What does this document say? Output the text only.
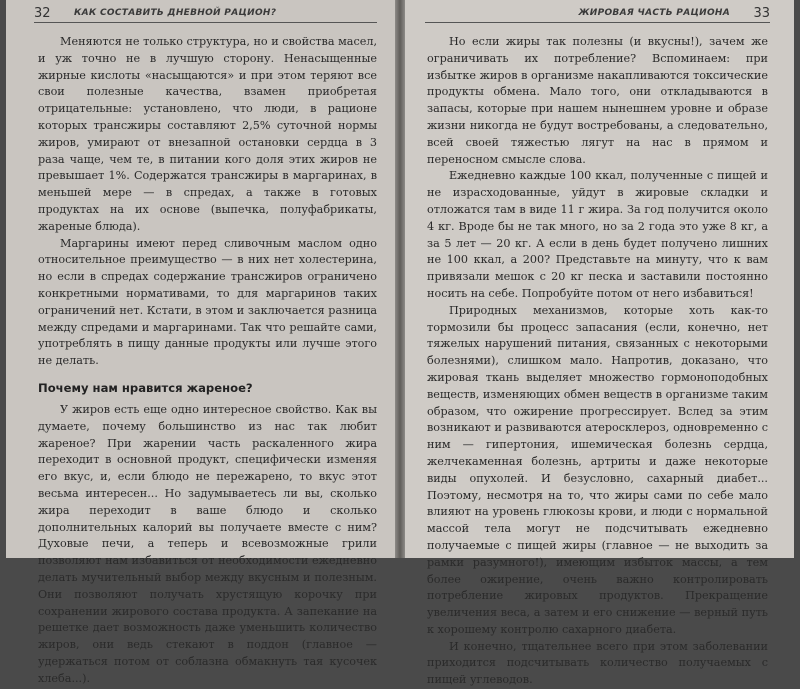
32	КАК СОСТАВИТЬ ДНЕВНОЙ РАЦИОН?

Меняются не только структура, но и свойства масел, и уж точно не в лучшую сторону. Ненасыщенные жирные кислоты «насыщаются» и при этом теряют все свои полезные качества, взамен приобретая отрицательные: установлено, что люди, в рационе которых трансжиры составляют 2,5% суточной нормы жиров, умирают от внезапной остановки сердца в 3 раза чаще, чем те, в питании кого доля этих жиров не превышает 1%. Содержатся трансжиры в маргаринах, в меньшей мере — в спредах, а также в готовых продуктах на их основе (выпечка, полуфабрикаты, жареные блюда).

Маргарины имеют перед сливочным маслом одно относительное преимущество — в них нет холестерина, но если в спредах содержание трансжиров ограничено конкретными нормативами, то для маргаринов таких ограничений нет. Кстати, в этом и заключается разница между спредами и маргаринами. Так что решайте сами, употреблять в пищу данные продукты или лучше этого не делать.

Почему нам нравится жареное?

У жиров есть еще одно интересное свойство. Как вы думаете, почему большинство из нас так любит жареное? При жарении часть раскаленного жира переходит в основной продукт, специфически изменяя его вкус, и, если блюдо не пережарено, то вкус этот весьма интересен... Но задумываетесь ли вы, сколько жира переходит в ваше блюдо и сколько дополнительных калорий вы получаете вместе с ним? Духовые печи, а теперь и всевозможные грили позволяют нам избавиться от необходимости ежедневно делать мучительный выбор между вкусным и полезным. Они позволяют получать хрустящую корочку при сохранении жирового состава продукта. А запекание на решетке дает возможность даже уменьшить количество жиров, они ведь стекают в поддон (главное — удержаться потом от соблазна обмакнуть тая кусочек хлеба...).

ЖИРОВАЯ ЧАСТЬ РАЦИОНА 33

Но если жиры так полезны (и вкусны!), зачем же ограничивать их потребление? Вспоминаем: при избытке жиров в организме накапливаются токсические продукты обмена. Мало того, они откладываются в запасы, которые при нашем нынешнем уровне и образе жизни никогда не будут востребованы, а следовательно, всей своей тяжестью лягут на нас в прямом и переносном смысле слова.

Ежедневно каждые 100 ккал, полученные с пищей и не израсходованные, уйдут в жировые складки и отложатся там в виде 11 г жира. За год получится около 4 кг. Вроде бы не так много, но за 2 года это уже 8 кг, а за 5 лет — 20 кг. А если в день будет получено лишних не 100 ккал, а 200? Представьте на минуту, что к вам привязали мешок с 20 кг песка и заставили постоянно носить на себе. Попробуйте потом от него избавиться!

Природных механизмов, которые хоть как-то тормозили бы процесс запасания (если, конечно, нет тяжелых нарушений питания, связанных с некоторыми болезнями), слишком мало. Напротив, доказано, что жировая ткань выделяет множество гормоноподобных веществ, изменяющих обмен веществ в организме таким образом, что ожирение прогрессирует. Вслед за этим возникают и развиваются атеросклероз, одновременно с ним — гипертония, ишемическая болезнь сердца, желчекаменная болезнь, артриты и даже некоторые виды опухолей. И безусловно, сахарный диабет... Поэтому, несмотря на то, что жиры сами по себе мало влияют на уровень глюкозы крови, и люди с нормальной массой тела могут не подсчитывать ежедневно получаемые с пищей жиры (главное — не выходить за рамки разумного!), имеющим избыток массы, а тем более ожирение, очень важно контролировать потребление жировых продуктов. Прекращение увеличения веса, а затем и его снижение — верный путь к хорошему контролю сахарного диабета.

И конечно, тщательнее всего при этом заболевании приходится подсчитывать количество получаемых с пищей углеводов.
